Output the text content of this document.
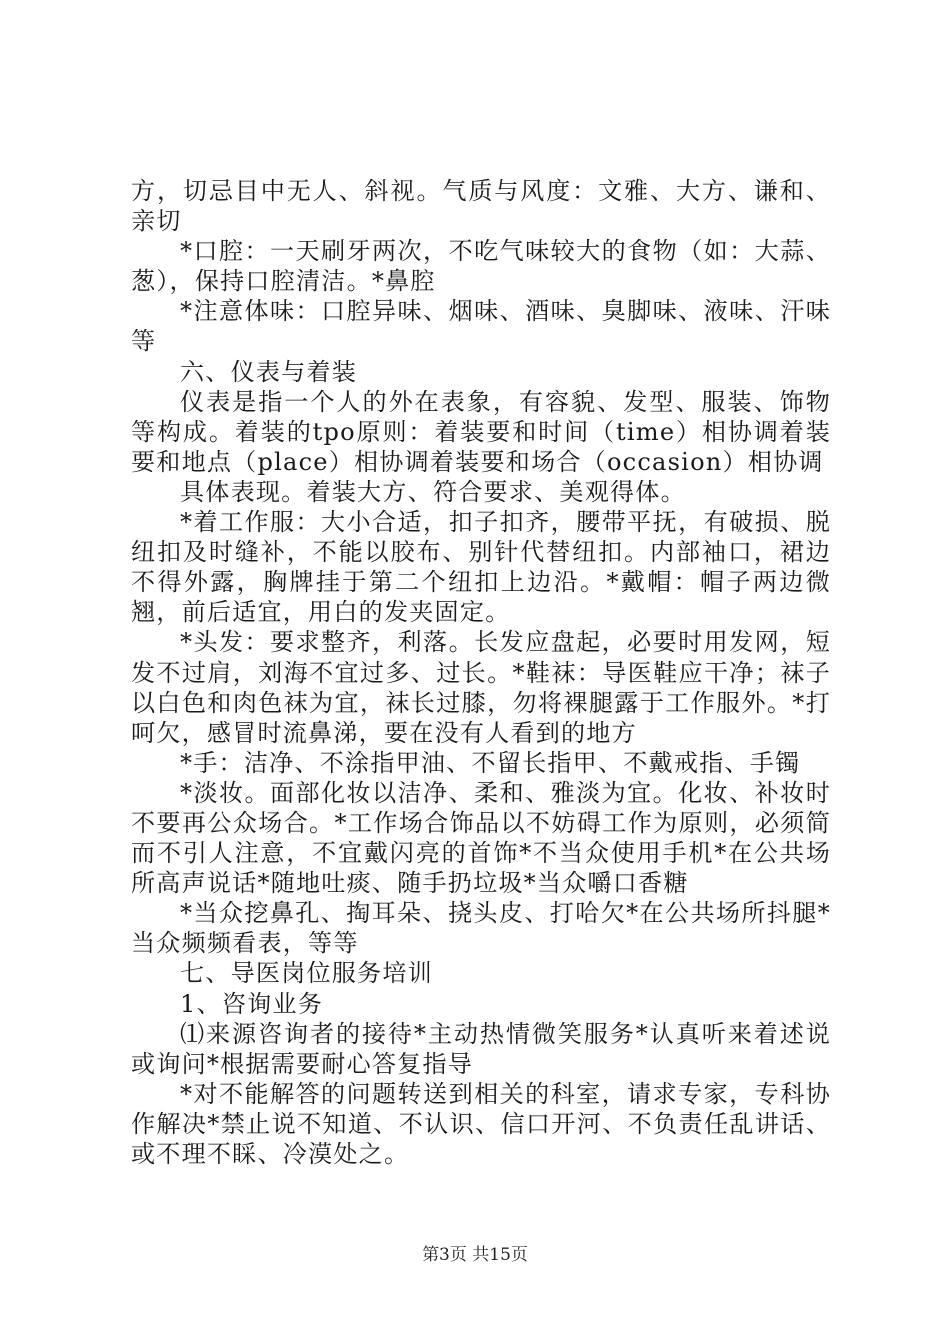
方，切忌目中无人、斜视。气质与风度：文雅、大方、谦和、亲切

*口腔：一天刷牙两次，不吃气味较大的食物（如：大蒜、葱），保持口腔清洁。*鼻腔

*注意体味：口腔异味、烟味、酒味、臭脚味、液味、汗味等

六、仪表与着装

仪表是指一个人的外在表象，有容貌、发型、服装、饰物等构成。着装的tpo原则：着装要和时间（time）相协调着装要和地点（place）相协调着装要和场合（occasion）相协调

具体表现。着装大方、符合要求、美观得体。

*着工作服：大小合适，扣子扣齐，腰带平抚，有破损、脱纽扣及时缝补，不能以胶布、别针代替纽扣。内部袖口，裙边不得外露，胸牌挂于第二个纽扣上边沿。*戴帽：帽子两边微翘，前后适宜，用白的发夹固定。

*头发：要求整齐，利落。长发应盘起，必要时用发网，短发不过肩，刘海不宜过多、过长。*鞋袜：导医鞋应干净；袜子以白色和肉色袜为宜，袜长过膝，勿将裸腿露于工作服外。*打呵欠，感冒时流鼻涕，要在没有人看到的地方

*手：洁净、不涂指甲油、不留长指甲、不戴戒指、手镯

*淡妆。面部化妆以洁净、柔和、雅淡为宜。化妆、补妆时不要再公众场合。*工作场合饰品以不妨碍工作为原则，必须简而不引人注意，不宜戴闪亮的首饰*不当众使用手机*在公共场所高声说话*随地吐痰、随手扔垃圾*当众嚼口香糖

*当众挖鼻孔、掏耳朵、挠头皮、打哈欠*在公共场所抖腿*当众频频看表，等等

七、导医岗位服务培训

1、咨询业务

⑴来源咨询者的接待*主动热情微笑服务*认真听来着述说或询问*根据需要耐心答复指导

*对不能解答的问题转送到相关的科室，请求专家，专科协作解决*禁止说不知道、不认识、信口开河、不负责任乱讲话、或不理不睬、冷漠处之。

第3页 共15页
